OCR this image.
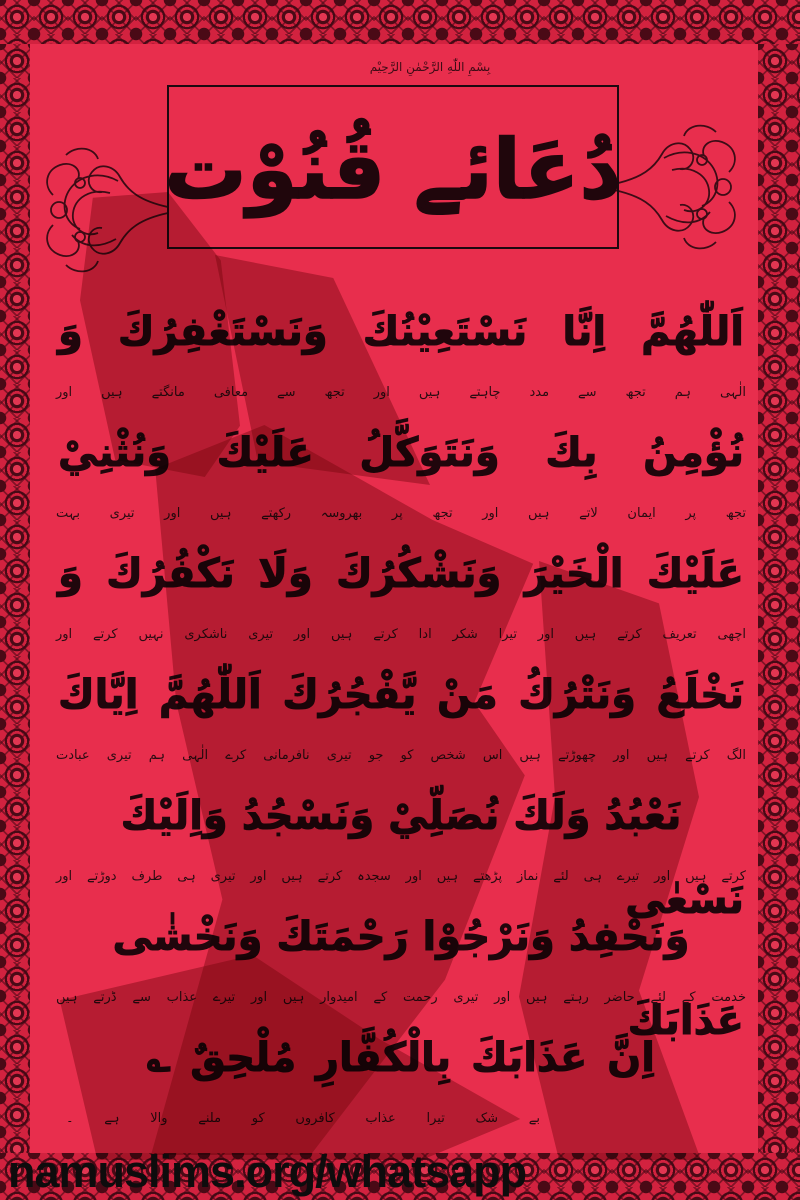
بِسْمِ اللّٰهِ الرَّحْمٰنِ الرَّحِيْم
دُعَائے قُنُوْت
اَللّٰهُمَّ اِنَّا نَسْتَعِيْنُكَ وَنَسْتَغْفِرُكَ وَ
الٰہی ہم تجھ سے مدد چاہتے ہیں اور تجھ سے معافی مانگتے ہیں اور
نُؤْمِنُ بِكَ وَنَتَوَكَّلُ عَلَيْكَ وَنُثْنِيْ
تجھ پر ایمان لاتے ہیں اور تجھ پر بھروسہ رکھتے ہیں اور تیری بہت
عَلَيْكَ الْخَيْرَ وَنَشْكُرُكَ وَلَا نَكْفُرُكَ وَ
اچھی تعریف کرتے ہیں اور تیرا شکر ادا کرتے ہیں اور تیری ناشکری نہیں کرتے اور
نَخْلَعُ وَنَتْرُكُ مَنْ يَّفْجُرُكَ اَللّٰهُمَّ اِيَّاكَ
الگ کرتے ہیں اور چھوڑتے ہیں اس شخص کو جو تیری نافرمانی کرے الٰہی ہم تیری عبادت
نَعْبُدُ وَلَكَ نُصَلِّيْ وَنَسْجُدُ وَاِلَيْكَ نَسْعٰى
کرتے ہیں اور تیرے ہی لئے نماز پڑھتے ہیں اور سجدہ کرتے ہیں اور تیری ہی طرف دوڑتے اور
وَنَحْفِدُ وَنَرْجُوْا رَحْمَتَكَ وَنَخْشٰى عَذَابَكَ
خدمت کے لئے حاضر رہتے ہیں اور تیری رحمت کے امیدوار ہیں اور تیرے عذاب سے ڈرتے ہیں
اِنَّ عَذَابَكَ بِالْكُفَّارِ مُلْحِقٌ ؎
بے شک تیرا عذاب کافروں کو ملنے والا ہے ۔
namuslims.org/whatsapp
